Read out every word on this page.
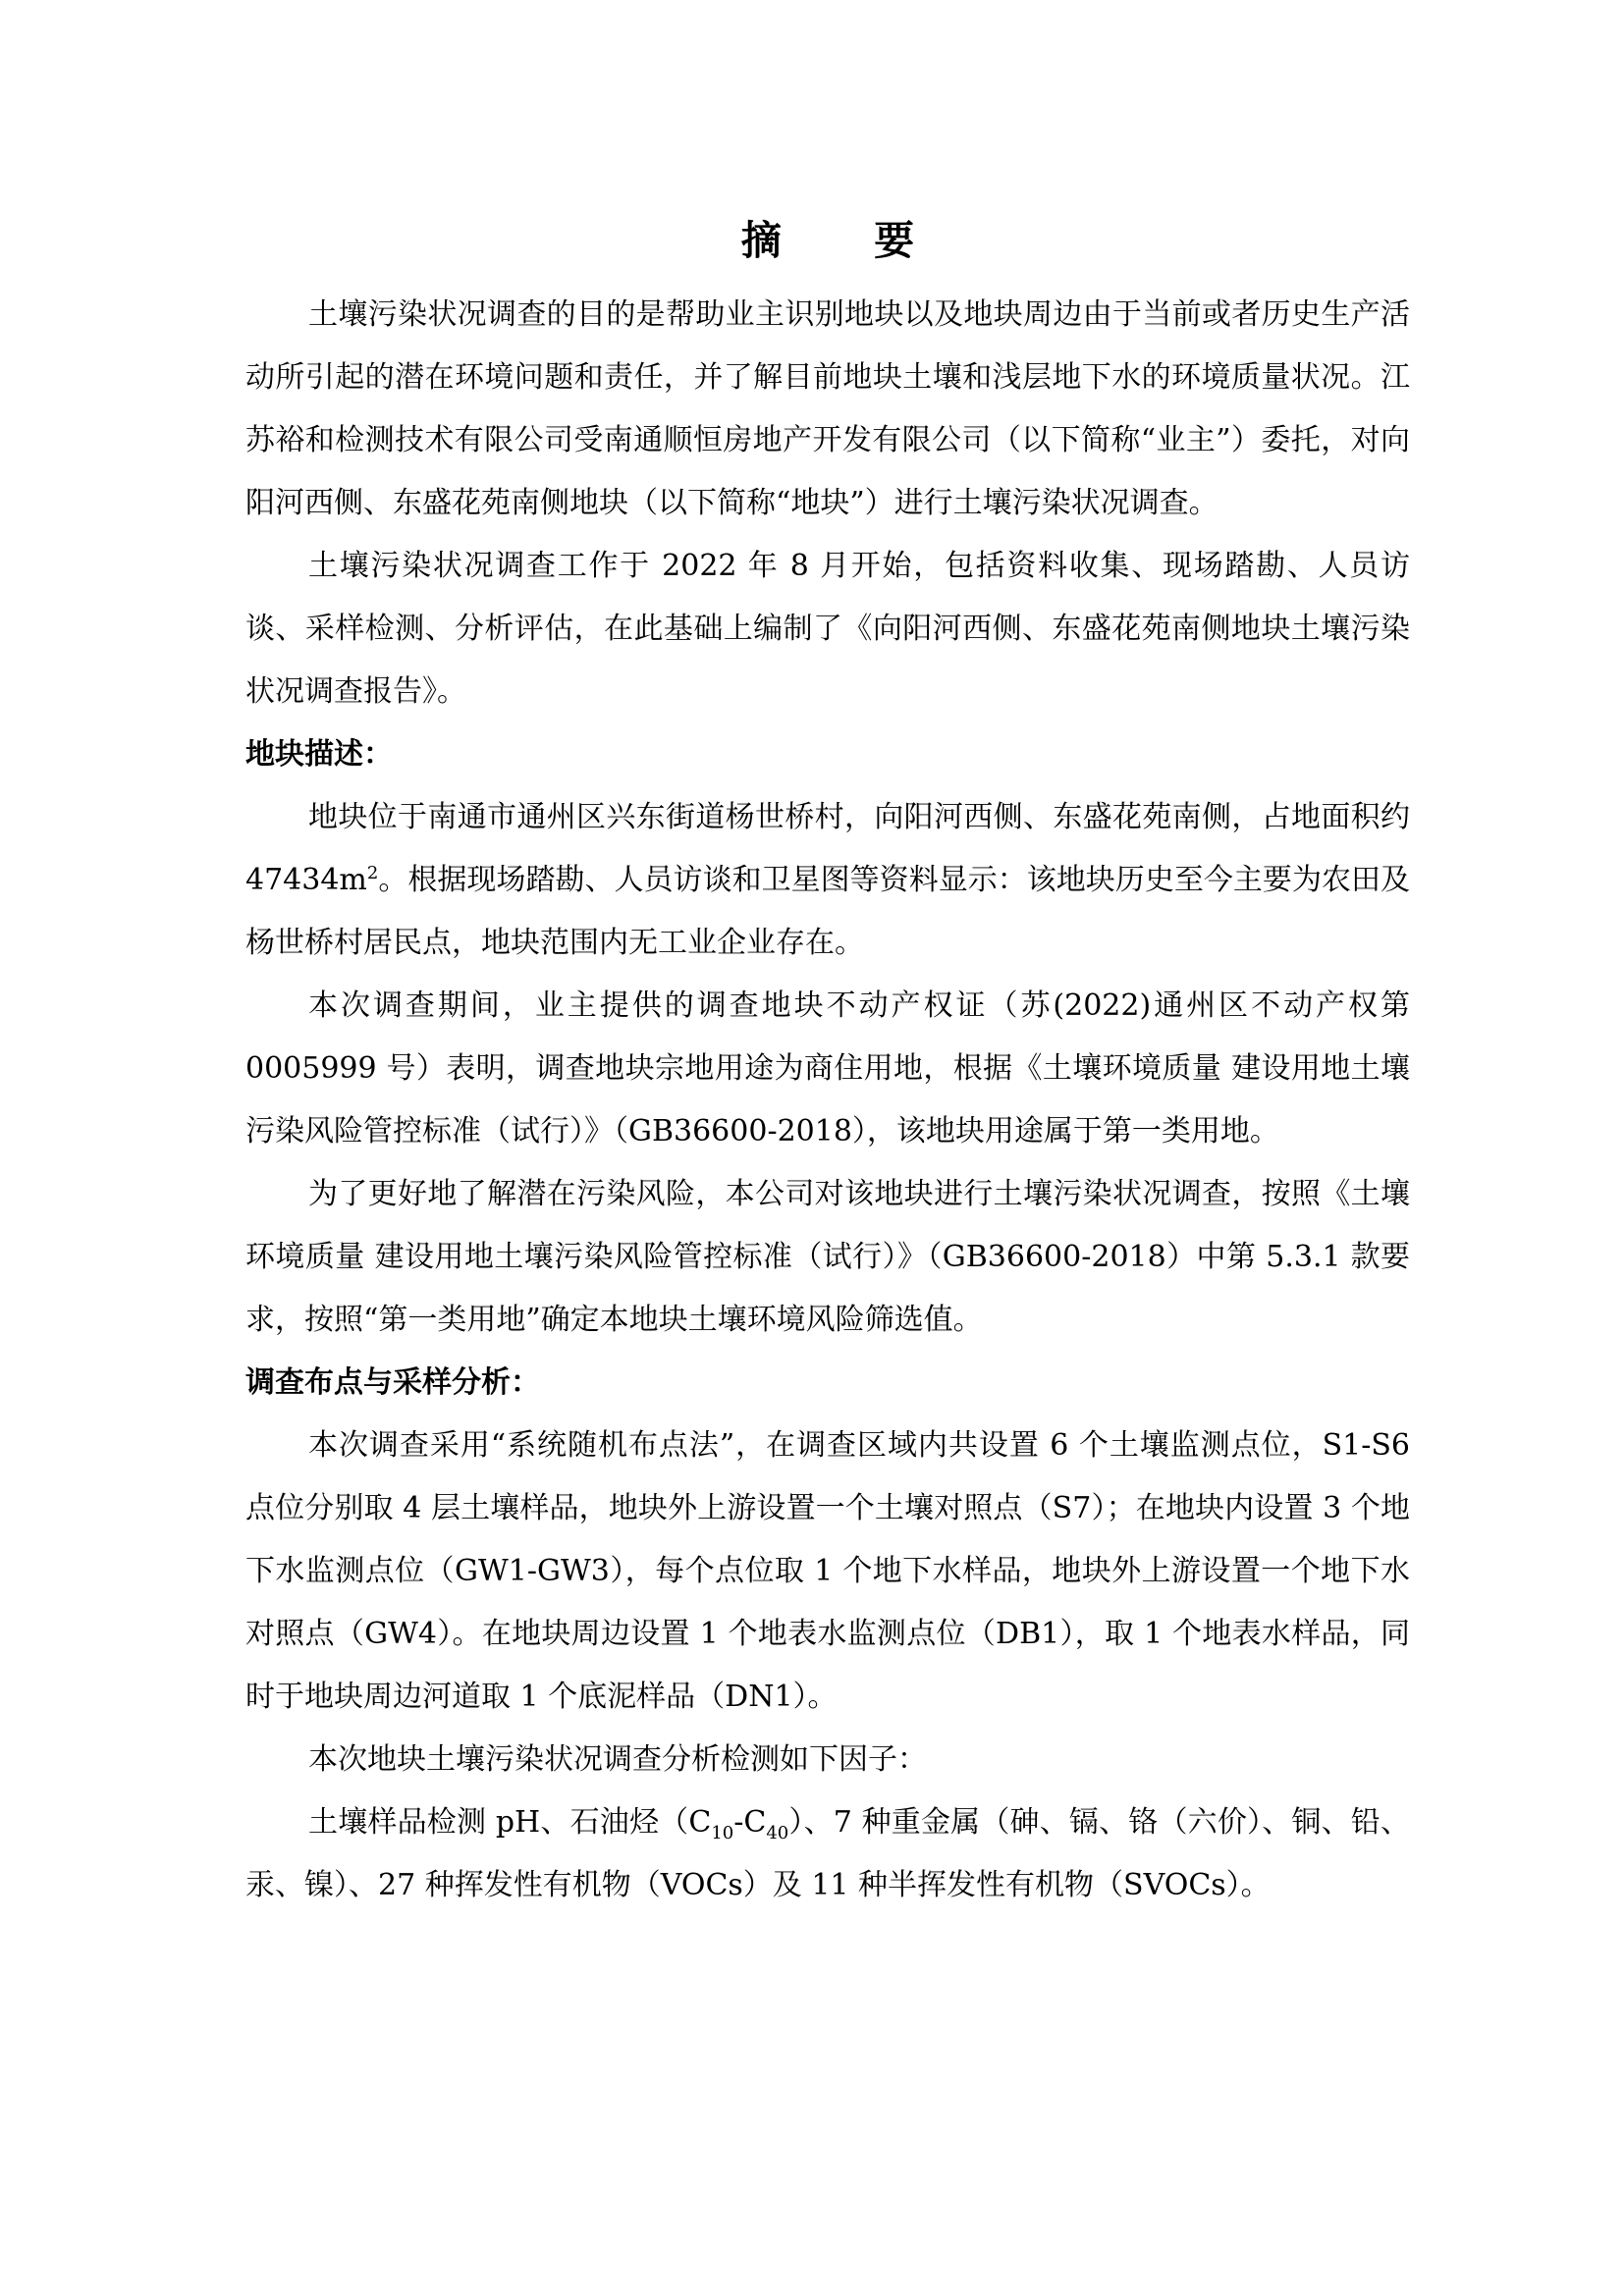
摘 要

土壤污染状况调查的目的是帮助业主识别地块以及地块周边由于当前或者历史生产活动所引起的潜在环境问题和责任，并了解目前地块土壤和浅层地下水的环境质量状况。江苏裕和检测技术有限公司受南通顺恒房地产开发有限公司（以下简称“业主”）委托，对向阳河西侧、东盛花苑南侧地块（以下简称“地块”）进行土壤污染状况调查。

土壤污染状况调查工作于 2022 年 8 月开始，包括资料收集、现场踏勘、人员访谈、采样检测、分析评估，在此基础上编制了《向阳河西侧、东盛花苑南侧地块土壤污染状况调查报告》。

地块描述：

地块位于南通市通州区兴东街道杨世桥村，向阳河西侧、东盛花苑南侧，占地面积约 $47434m^2$。根据现场踏勘、人员访谈和卫星图等资料显示：该地块历史至今主要为农田及杨世桥村居民点，地块范围内无工业企业存在。

本次调查期间，业主提供的调查地块不动产权证（苏(2022)通州区不动产权第 0005999 号）表明，调查地块宗地用途为商住用地，根据《土壤环境质量 建设用地土壤污染风险管控标准（试行）》（GB36600-2018），该地块用途属于第一类用地。

为了更好地了解潜在污染风险，本公司对该地块进行土壤污染状况调查，按照《土壤环境质量 建设用地土壤污染风险管控标准（试行）》（GB36600-2018）中第 5.3.1 款要求，按照“第一类用地”确定本地块土壤环境风险筛选值。

调查布点与采样分析：

本次调查采用“系统随机布点法”，在调查区域内共设置 6 个土壤监测点位，S1-S6 点位分别取 4 层土壤样品，地块外上游设置一个土壤对照点（S7）；在地块内设置 3 个地下水监测点位（GW1-GW3），每个点位取 1 个地下水样品，地块外上游设置一个地下水对照点（GW4）。在地块周边设置 1 个地表水监测点位（DB1），取 1 个地表水样品，同时于地块周边河道取 1 个底泥样品（DN1）。

本次地块土壤污染状况调查分析检测如下因子：

土壤样品检测 pH、石油烃$(C_{10}-C_{40})$、7 种重金属（砷、镉、铬（六价）、铜、铅、汞、镍）、27 种挥发性有机物（VOCs）及 11 种半挥发性有机物（SVOCs）。
